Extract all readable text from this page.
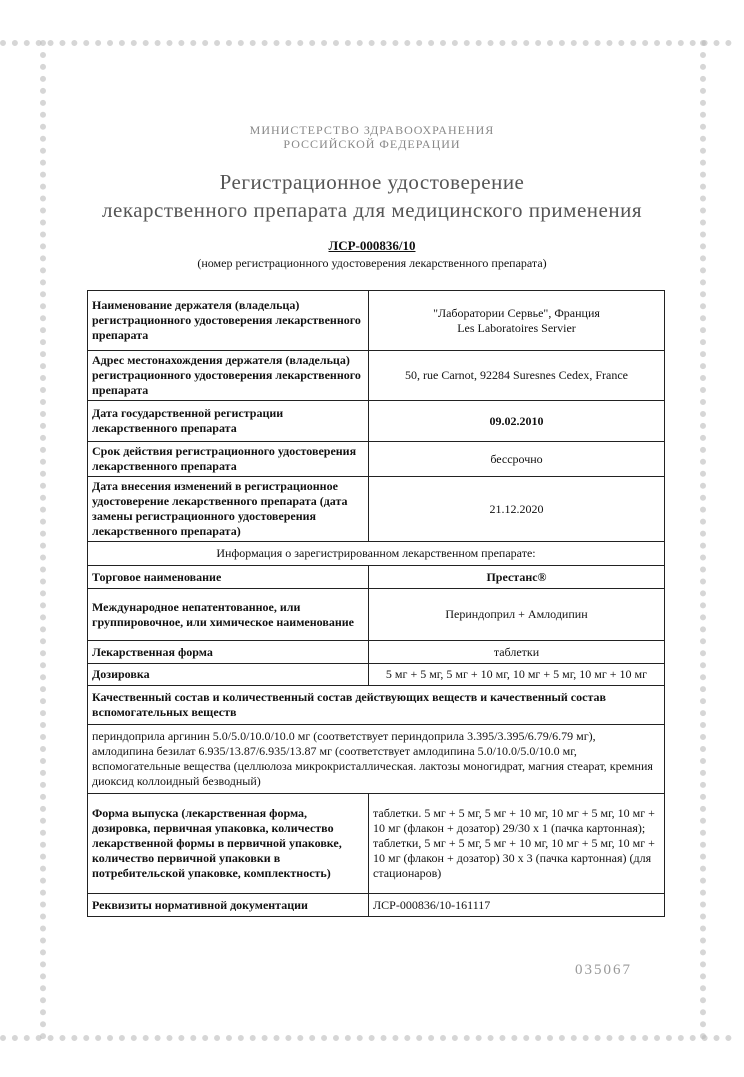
МИНИСТЕРСТВО ЗДРАВООХРАНЕНИЯ
РОССИЙСКОЙ ФЕДЕРАЦИИ
Регистрационное удостоверение
лекарственного препарата для медицинского применения
ЛСР-000836/10
(номер регистрационного удостоверения лекарственного препарата)
Наименование держателя (владельца) регистрационного удостоверения лекарственного препарата	"Лаборатории Сервье", Франция
Les Laboratoires Servier
Адрес местонахождения держателя (владельца) регистрационного удостоверения лекарственного препарата	50, rue Carnot, 92284 Suresnes Cedex, France
Дата государственной регистрации лекарственного препарата	09.02.2010
Срок действия регистрационного удостоверения лекарственного препарата	бессрочно
Дата внесения изменений в регистрационное удостоверение лекарственного препарата (дата замены регистрационного удостоверения лекарственного препарата)	21.12.2020
Информация о зарегистрированном лекарственном препарате:	
Торговое наименование	Престанс®
Международное непатентованное, или группировочное, или химическое наименование	Периндоприл + Амлодипин
Лекарственная форма	таблетки
Дозировка	5 мг + 5 мг, 5 мг + 10 мг, 10 мг + 5 мг, 10 мг + 10 мг
Качественный состав и количественный состав действующих веществ и качественный состав вспомогательных веществ	
периндоприла аргинин 5.0/5.0/10.0/10.0 мг (соответствует периндоприла 3.395/3.395/6.79/6.79 мг), амлодипина безилат 6.935/13.87/6.935/13.87 мг (соответствует амлодипина 5.0/10.0/5.0/10.0 мг, вспомогательные вещества (целлюлоза микрокристаллическая. лактозы моногидрат, магния стеарат, кремния диоксид коллоидный безводный)	
Форма выпуска (лекарственная форма, дозировка, первичная упаковка, количество лекарственной формы в первичной упаковке, количество первичной упаковки в потребительской упаковке, комплектность)	таблетки. 5 мг + 5 мг, 5 мг + 10 мг, 10 мг + 5 мг, 10 мг + 10 мг (флакон + дозатор) 29/30 x 1 (пачка картонная);
таблетки, 5 мг + 5 мг, 5 мг + 10 мг, 10 мг + 5 мг, 10 мг + 10 мг (флакон + дозатор) 30 x 3 (пачка картонная) (для стационаров)

Реквизиты нормативной документации	ЛСР-000836/10-161117
035067
